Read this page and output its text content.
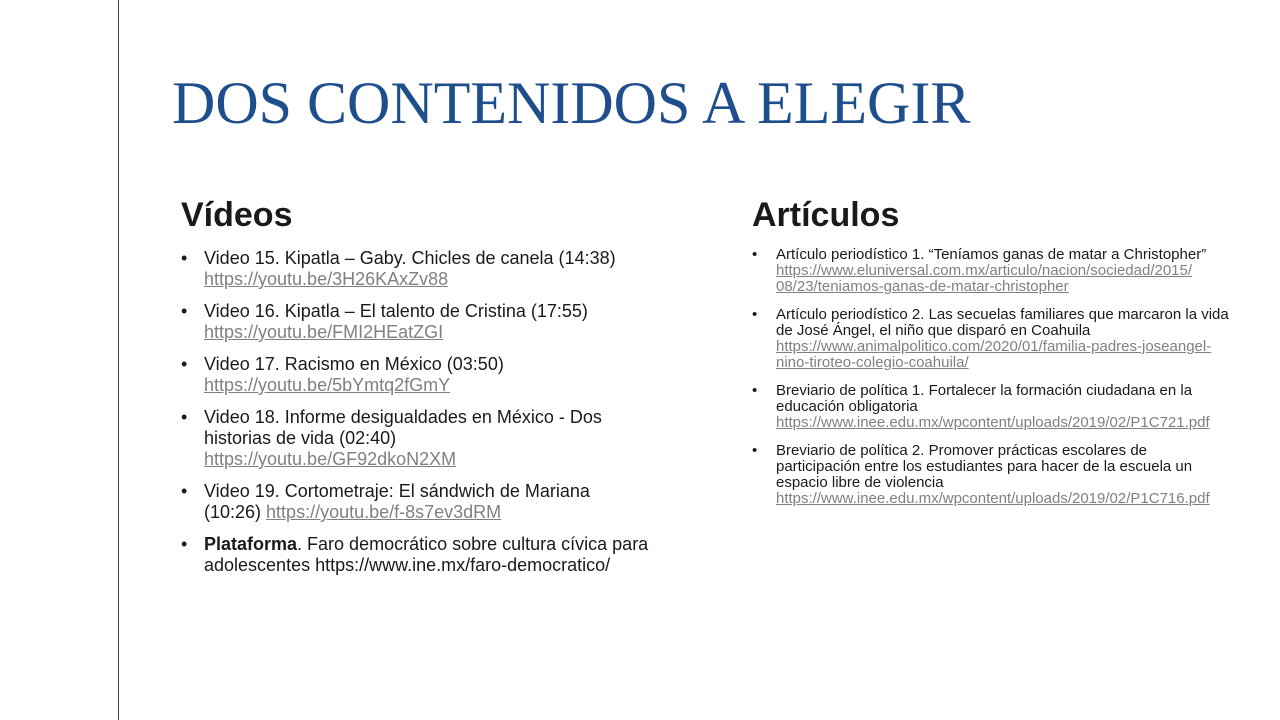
DOS CONTENIDOS A ELEGIR
Vídeos	Artículos
• Video 15. Kipatla – Gaby. Chicles de canela (14:38) https://youtu.be/3H26KAxZv88
• Video 16. Kipatla – El talento de Cristina (17:55) https://youtu.be/FMI2HEatZGI
• Video 17. Racismo en México (03:50) https://youtu.be/5bYmtq2fGmY
• Video 18. Informe desigualdades en México - Dos historias de vida (02:40) https://youtu.be/GF92dkoN2XM
• Video 19. Cortometraje: El sándwich de Mariana (10:26) https://youtu.be/f-8s7ev3dRM
• Plataforma. Faro democrático sobre cultura cívica para adolescentes https://www.ine.mx/faro-democratico/
• Artículo periodístico 1. “Teníamos ganas de matar a Christopher” https://www.eluniversal.com.mx/articulo/nacion/sociedad/2015/ 08/23/teniamos-ganas-de-matar-christopher
• Artículo periodístico 2. Las secuelas familiares que marcaron la vida de José Ángel, el niño que disparó en Coahuila https://www.animalpolitico.com/2020/01/familia-padres-joseangel-nino-tiroteo-colegio-coahuila/
• Breviario de política 1. Fortalecer la formación ciudadana en la educación obligatoria https://www.inee.edu.mx/wpcontent/uploads/2019/02/P1C721.pdf
• Breviario de política 2. Promover prácticas escolares de participación entre los estudiantes para hacer de la escuela un espacio libre de violencia https://www.inee.edu.mx/wpcontent/uploads/2019/02/P1C716.pdf
